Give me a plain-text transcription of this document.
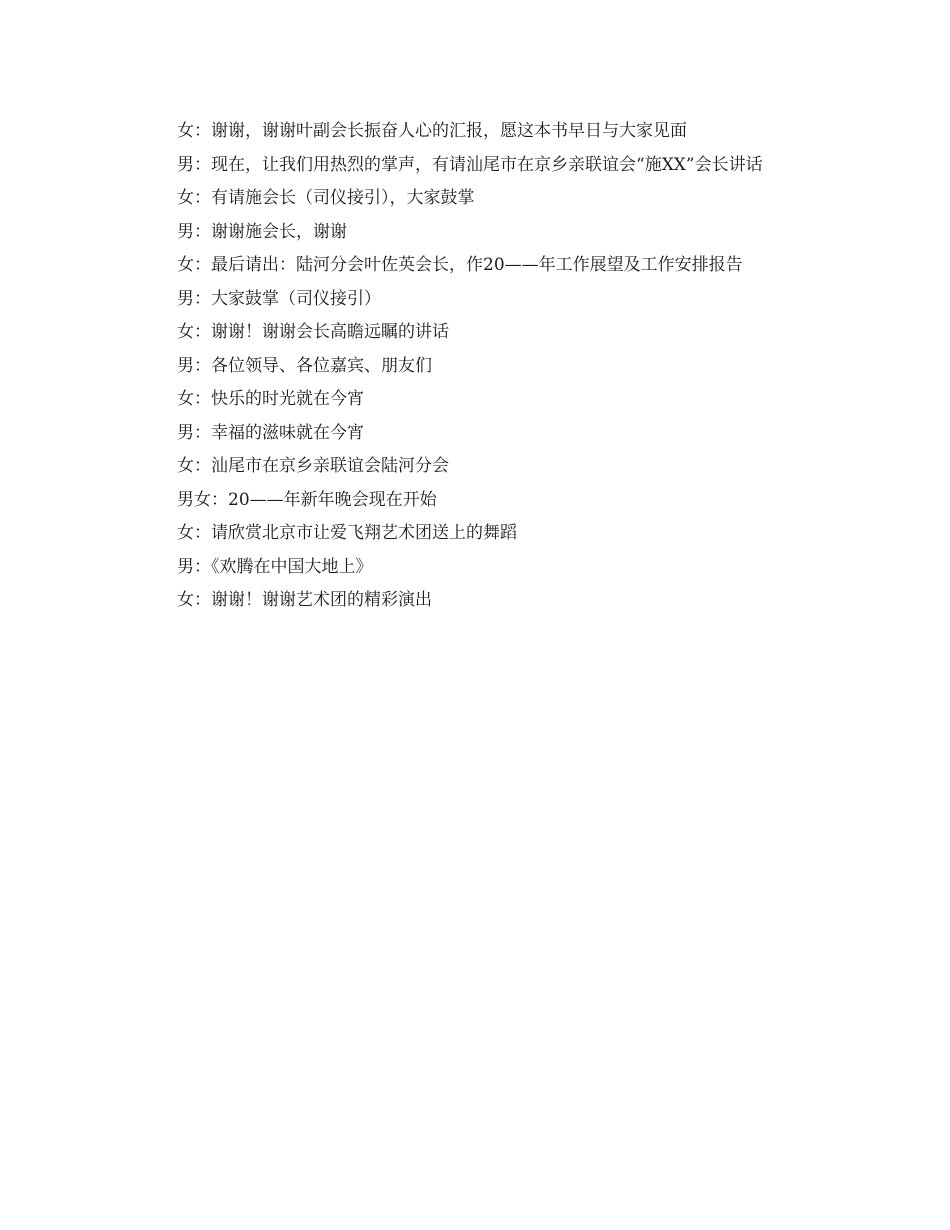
女：谢谢，谢谢叶副会长振奋人心的汇报，愿这本书早日与大家见面

男：现在，让我们用热烈的掌声，有请汕尾市在京乡亲联谊会“施XX”会长讲话

女：有请施会长（司仪接引），大家鼓掌

男：谢谢施会长，谢谢

女：最后请出：陆河分会叶佐英会长，作20——年工作展望及工作安排报告

男：大家鼓掌（司仪接引）

女：谢谢！谢谢会长高瞻远瞩的讲话

男：各位领导、各位嘉宾、朋友们

女：快乐的时光就在今宵

男：幸福的滋味就在今宵

女：汕尾市在京乡亲联谊会陆河分会

男女：20——年新年晚会现在开始

女：请欣赏北京市让爱飞翔艺术团送上的舞蹈

男：《欢腾在中国大地上》

女：谢谢！谢谢艺术团的精彩演出
